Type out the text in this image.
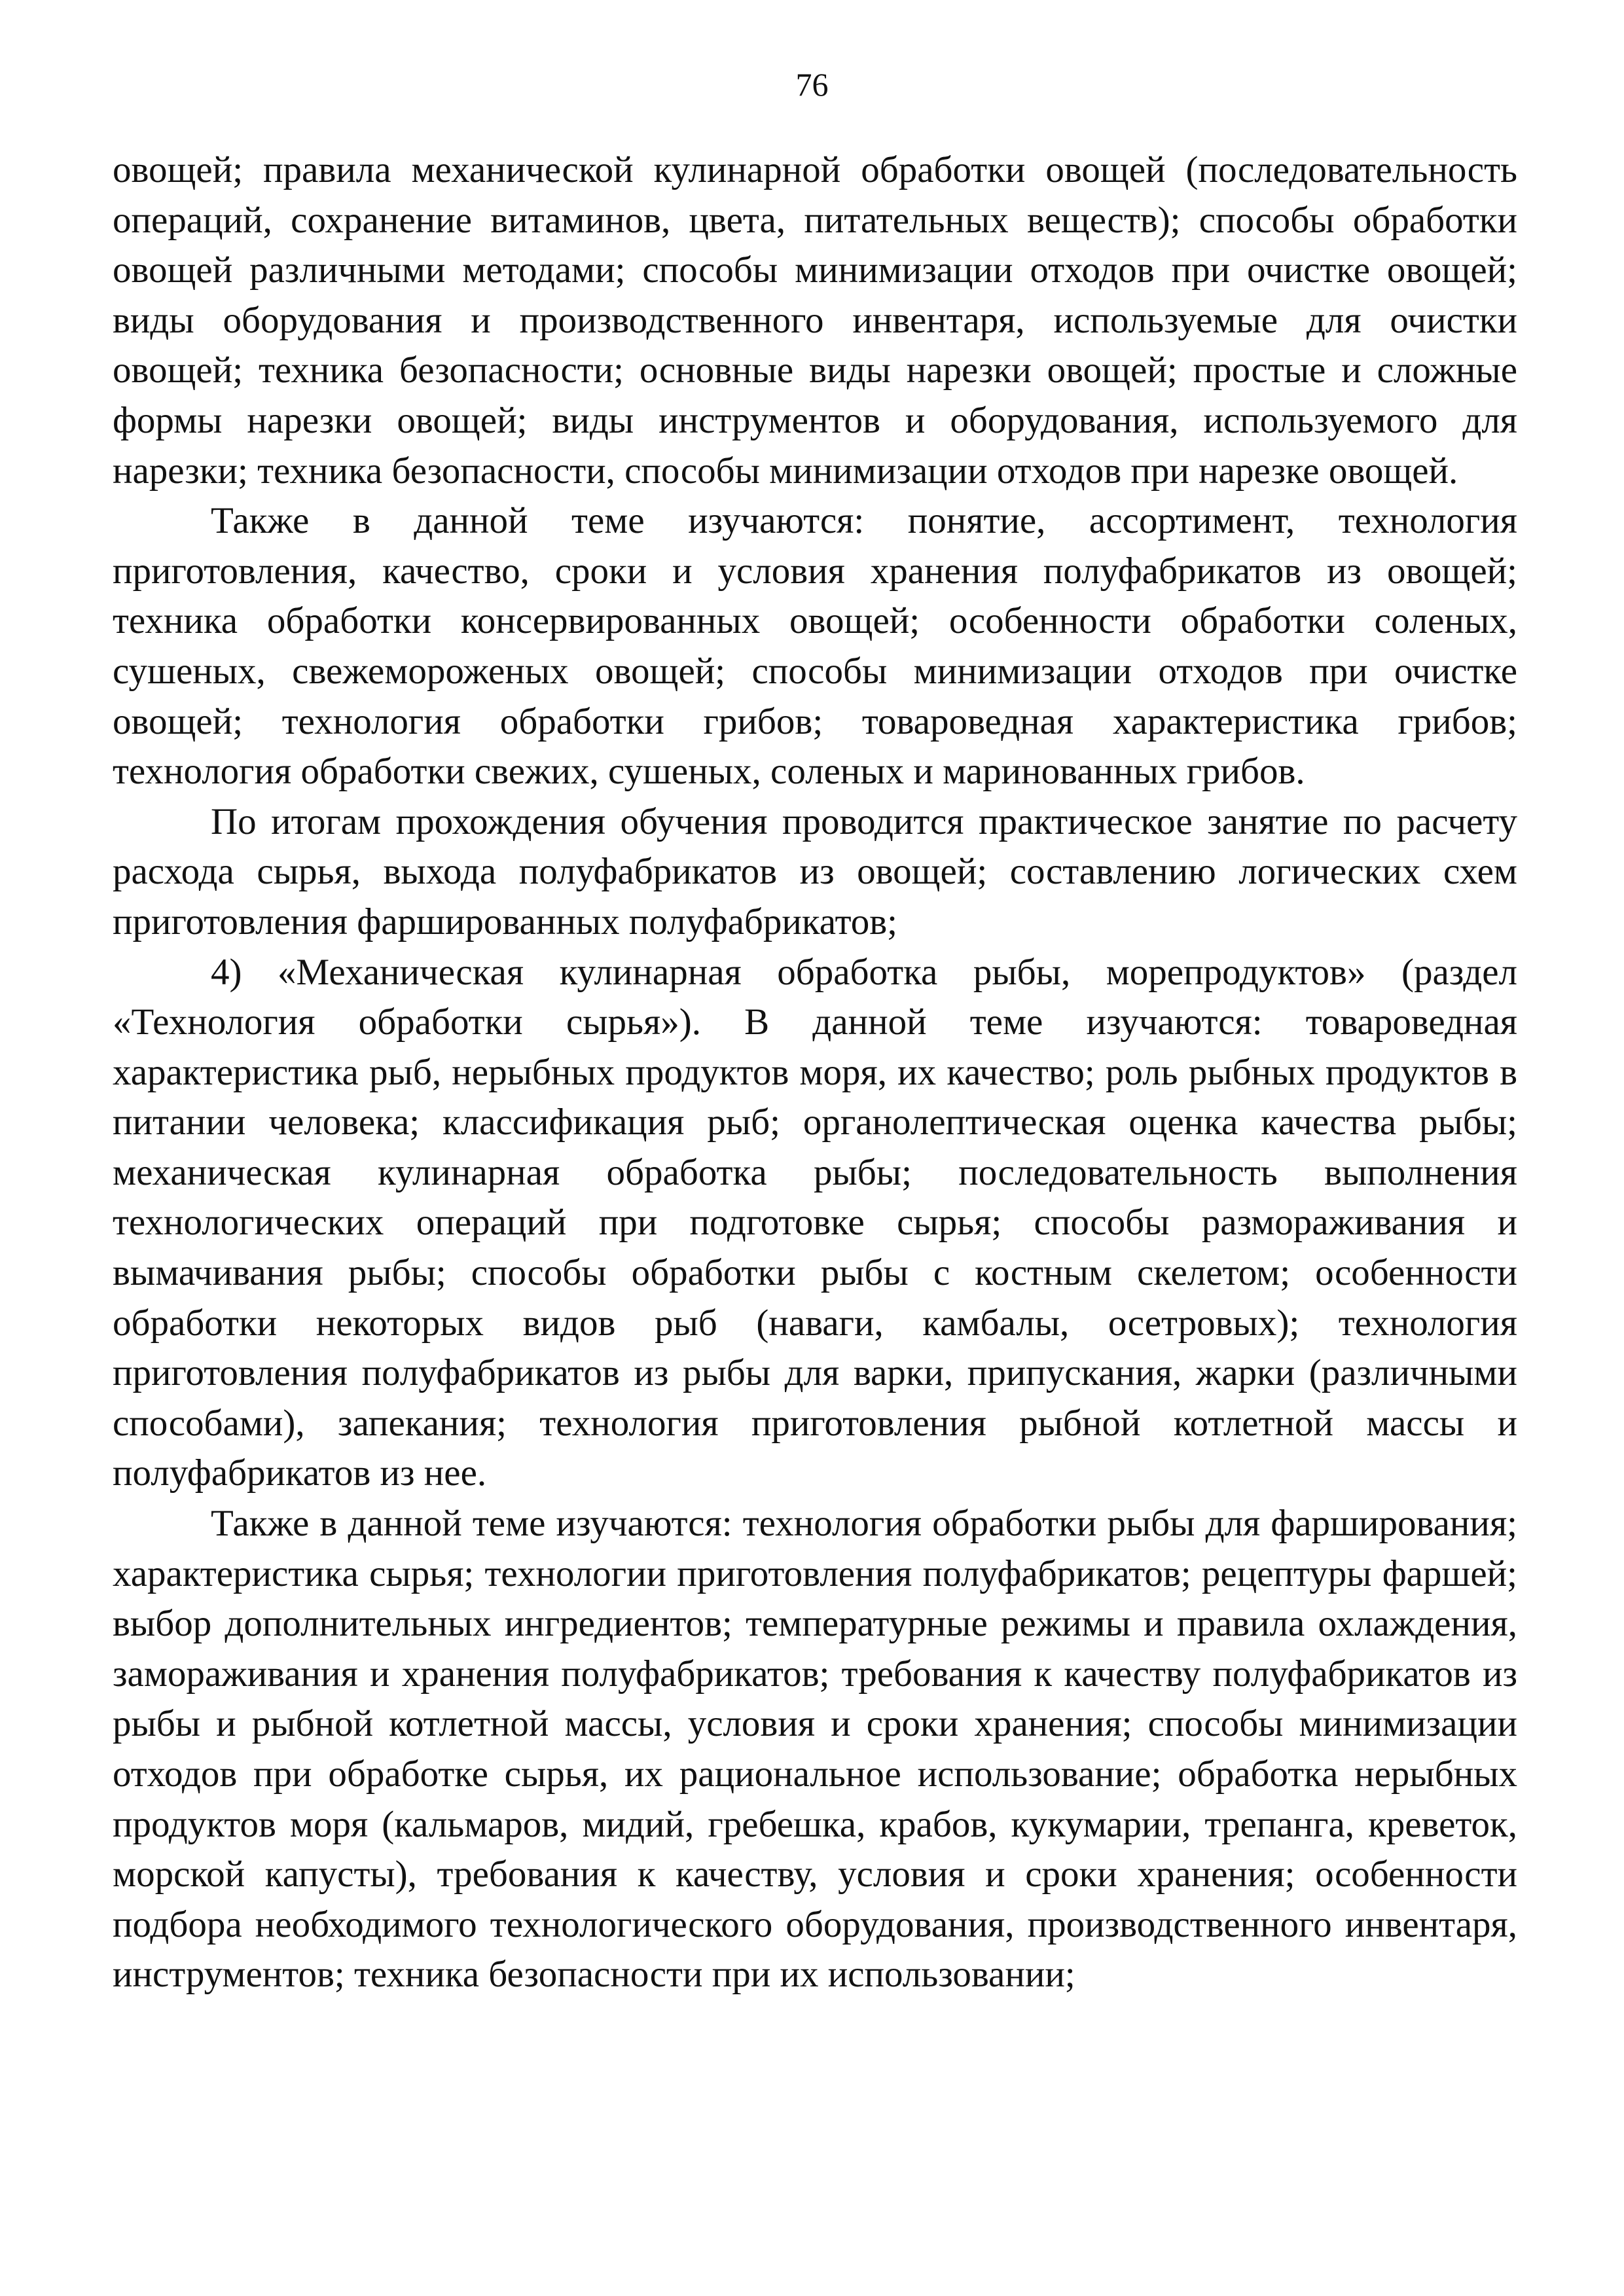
76

овощей; правила механической кулинарной обработки овощей (последовательность операций, сохранение витаминов, цвета, питательных веществ); способы обработки овощей различными методами; способы минимизации отходов при очистке овощей; виды оборудования и производственного инвентаря, используемые для очистки овощей; техника безопасности; основные виды нарезки овощей; простые и сложные формы нарезки овощей; виды инструментов и оборудования, используемого для нарезки; техника безопасности, способы минимизации отходов при нарезке овощей.

Также в данной теме изучаются: понятие, ассортимент, технология приготовления, качество, сроки и условия хранения полуфабрикатов из овощей; техника обработки консервированных овощей; особенности обработки соленых, сушеных, свежемороженых овощей; способы минимизации отходов при очистке овощей; технология обработки грибов; товароведная характеристика грибов; технология обработки свежих, сушеных, соленых и маринованных грибов.

По итогам прохождения обучения проводится практическое занятие по расчету расхода сырья, выхода полуфабрикатов из овощей; составлению логических схем приготовления фаршированных полуфабрикатов;

4) «Механическая кулинарная обработка рыбы, морепродуктов» (раздел «Технология обработки сырья»). В данной теме изучаются: товароведная характеристика рыб, нерыбных продуктов моря, их качество; роль рыбных продуктов в питании человека; классификация рыб; органолептическая оценка качества рыбы; механическая кулинарная обработка рыбы; последовательность выполнения технологических операций при подготовке сырья; способы размораживания и вымачивания рыбы; способы обработки рыбы с костным скелетом; особенности обработки некоторых видов рыб (наваги, камбалы, осетровых); технология приготовления полуфабрикатов из рыбы для варки, припускания, жарки (различными способами), запекания; технология приготовления рыбной котлетной массы и полуфабрикатов из нее.

Также в данной теме изучаются: технология обработки рыбы для фарширования; характеристика сырья; технологии приготовления полуфабрикатов; рецептуры фаршей; выбор дополнительных ингредиентов; температурные режимы и правила охлаждения, замораживания и хранения полуфабрикатов; требования к качеству полуфабрикатов из рыбы и рыбной котлетной массы, условия и сроки хранения; способы минимизации отходов при обработке сырья, их рациональное использование; обработка нерыбных продуктов моря (кальмаров, мидий, гребешка, крабов, кукумарии, трепанга, креветок, морской капусты), требования к качеству, условия и сроки хранения; особенности подбора необходимого технологического оборудования, производственного инвентаря, инструментов; техника безопасности при их использовании;
